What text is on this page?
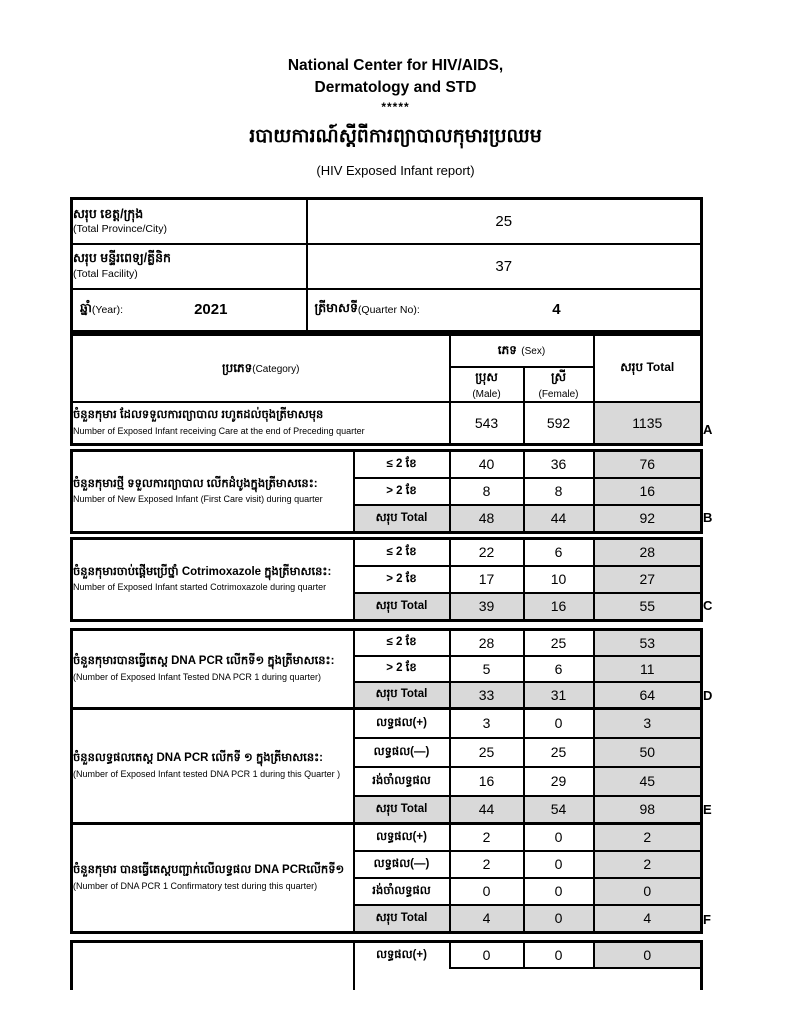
National Center for HIV/AIDS,
Dermatology and STD
*****
របាយការណ៍ស្ដីពីការព្យាបាលកុមារប្រឈម
(HIV Exposed Infant report)
សរុប ខេត្ត/ក្រុង
(Total Province/City)	25

សរុប មន្ទីរពេទ្យ/គ្លីនិក
(Total Facility)	37

ឆ្នាំ (Year): 2021	ត្រីមាសទី (Quarter No): 4
ប្រភេទ(Category)	ភេទ (Sex)		សរុប Total

	ប្រុស
(Male)	ស្រី
(Female)	

ចំនួនកុមារ ដែលទទួលការព្យាបាល រហូតដល់ចុងត្រីមាសមុន
Number of Exposed Infant receiving Care at the end of Preceding quarter	543	592	1135	A
ចំនួនកុមារថ្មី ទទួលការព្យាបាល លើកដំបូងក្នុងត្រីមាសនេះ:
Number of New Exposed Infant (First Care visit) during quarter	≤ 2 ខែ	40	36	76
	> 2 ខែ	8	8	16
	សរុប Total	48	44	92	B
ចំនួនកុមារចាប់ផ្ដើមប្រើថ្នាំ Cotrimoxazole ក្នុងត្រីមាសនេះ:
Number of Exposed Infant started Cotrimoxazole during quarter	≤ 2 ខែ	22	6	28
	> 2 ខែ	17	10	27
	សរុប Total	39	16	55	C
ចំនួនកុមារបានធ្វើតេស្ដ DNA PCR លើកទី១ ក្នុងត្រីមាសនេះ:
(Number of Exposed Infant Tested DNA PCR 1 during quarter)	≤ 2 ខែ	28	25	53
	> 2 ខែ	5	6	11
	សរុប Total	33	31	64	D
ចំនួនលទ្ធផលតេស្ដ DNA PCR លើកទី ១ ក្នុងត្រីមាសនេះ:
(Number of Exposed Infant tested DNA PCR 1 during this Quarter )	លទ្ធផល(+)	3	0	3
	លទ្ធផល(—)	25	25	50
	រង់ចាំលទ្ធផល	16	29	45
	សរុប Total	44	54	98	E
ចំនួនកុមារ បានធ្វើតេស្ដបញ្ជាក់លើលទ្ធផល DNA PCRលើកទី១
(Number of DNA PCR 1 Confirmatory test during this quarter)	លទ្ធផល(+)	2	0	2
	លទ្ធផល(—)	2	0	2
	រង់ចាំលទ្ធផល	0	0	0
	សរុប Total	4	0	4	F
	លទ្ធផល(+)	0	0	0
